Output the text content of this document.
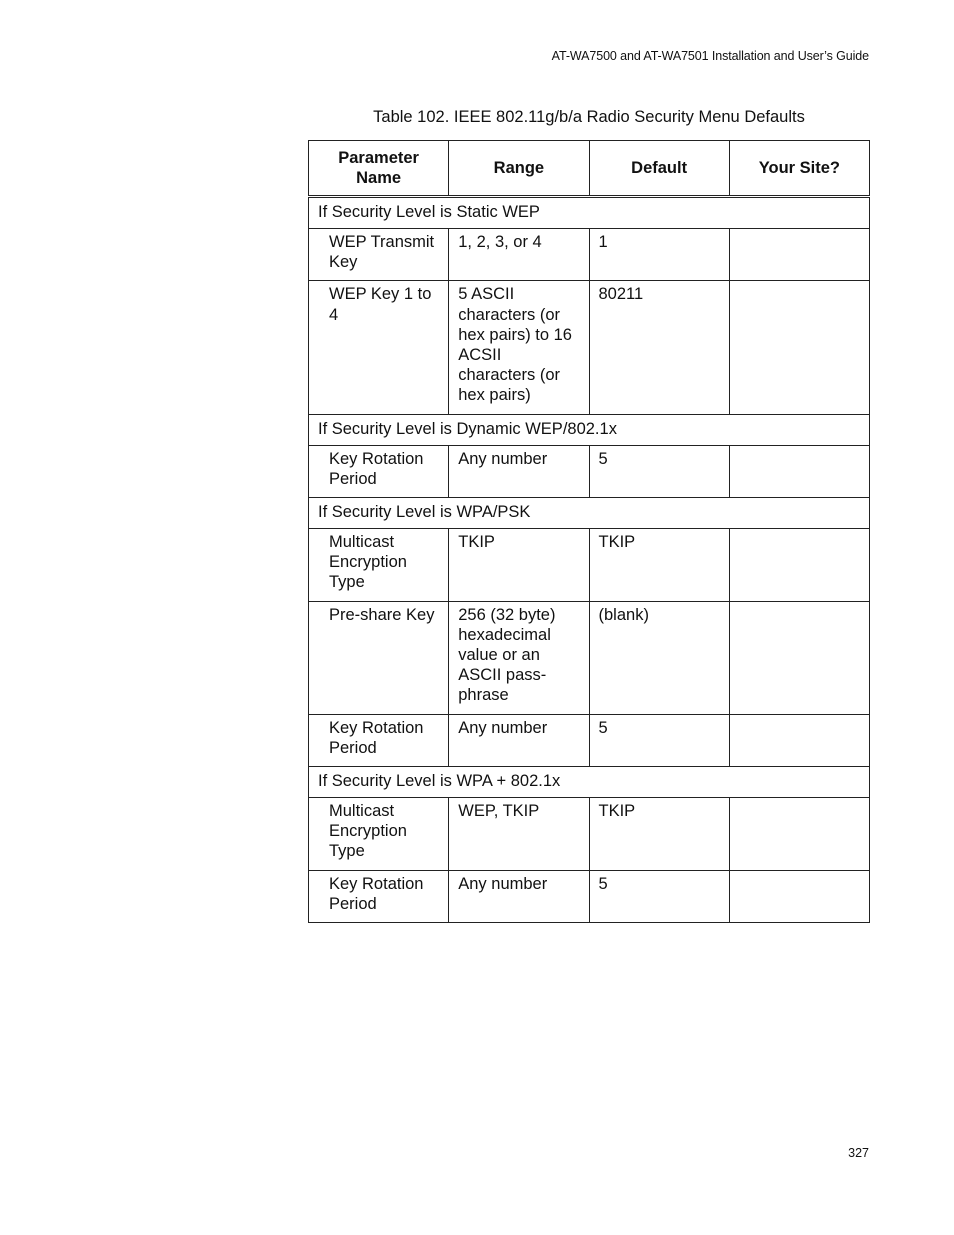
AT-WA7500 and AT-WA7501 Installation and User’s Guide
Table 102. IEEE 802.11g/b/a Radio Security Menu Defaults
Parameter Name	Range	Default	Your Site?
If Security Level is Static WEP			
WEP Transmit Key	1, 2, 3, or 4	1	
WEP Key 1 to 4	5 ASCII characters (or hex pairs) to 16 ACSII characters (or hex pairs)	80211	
If Security Level is Dynamic WEP/802.1x			
Key Rotation Period	Any number	5	
If Security Level is WPA/PSK			
Multicast Encryption Type	TKIP	TKIP	
Pre-share Key	256 (32 byte) hexadecimal value or an ASCII pass-phrase	(blank)	
Key Rotation Period	Any number	5	
If Security Level is WPA + 802.1x			
Multicast Encryption Type	WEP, TKIP	TKIP	
Key Rotation Period	Any number	5	
327
